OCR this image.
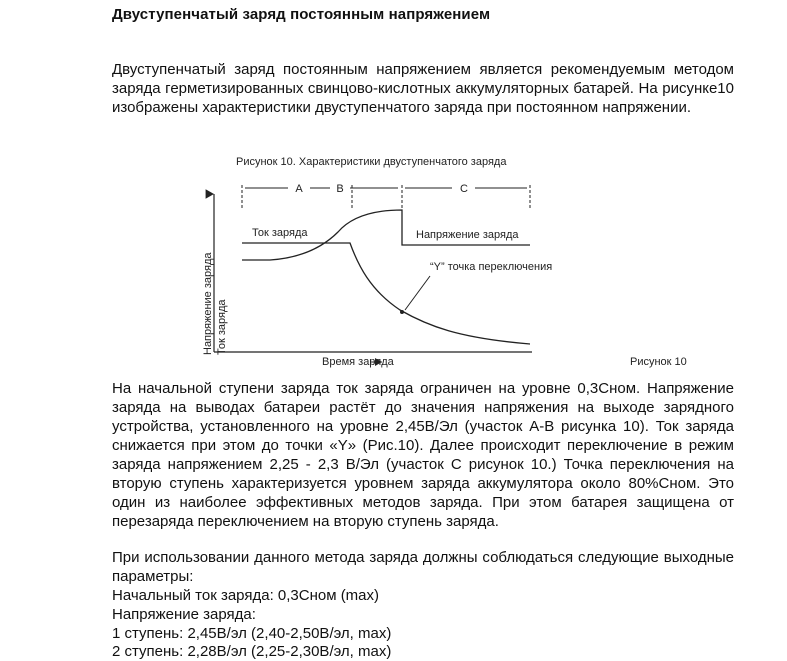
Двуступенчатый заряд постоянным напряжением
Двуступенчатый заряд постоянным напряжением является рекомендуемым методом заряда герметизированных свинцово-кислотных аккумуляторных батарей. На рисунке10 изображены характеристики двуступенчатого заряда при постоянном напряжении.
Рисунок 10. Характеристики двуступенчатого заряда
A	B	C
Напряжение заряда Ток заряда
Ток заряда	Напряжение заряда
“Y” точка переключения
Время заряда	Рисунок 10
На начальной ступени заряда ток заряда ограничен на уровне 0,3Сном. Напряжение заряда на выводах батареи растёт до значения напряжения на выходе зарядного устройства, установленного на уровне 2,45В/Эл (участок А-В рисунка 10). Ток заряда снижается при этом до точки «Y» (Рис.10). Далее происходит переключение в режим заряда напряжением 2,25 - 2,3 В/Эл (участок С рисунок 10.) Точка переключения на вторую ступень характеризуется уровнем заряда аккумулятора около 80%Сном. Это один из наиболее эффективных методов заряда. При этом батарея защищена от перезаряда переключением на вторую ступень заряда.
При использовании данного метода заряда должны соблюдаться следующие выходные параметры:
Начальный ток заряда: 0,3Сном (max)
Напряжение заряда:
1 ступень: 2,45В/эл (2,40-2,50В/эл, max)
2 ступень: 2,28В/эл (2,25-2,30В/эл, max)
